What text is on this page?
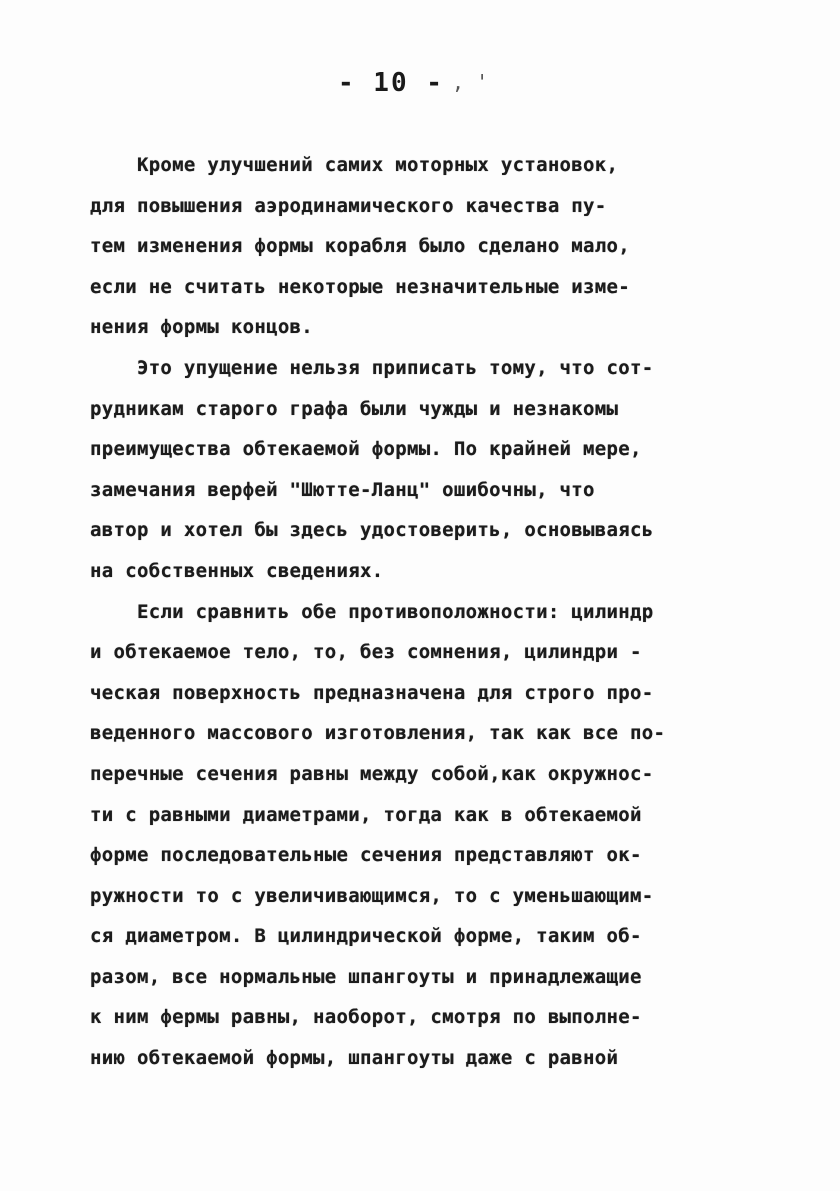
- 10 - , '
Кроме улучшений самих моторных установок,
для повышения аэродинамического качества пу-
тем изменения формы корабля было сделано мало,
если не считать некоторые незначительные изме-
нения формы концов.
Это упущение нельзя приписать тому, что сот-
рудникам старого графа были чужды и незнакомы
преимущества обтекаемой формы. По крайней мере,
замечания верфей "Шютте-Ланц" ошибочны, что
автор и хотел бы здесь удостоверить, основываясь
на собственных сведениях.
Если сравнить обе противоположности: цилиндр
и обтекаемое тело, то, без сомнения, цилиндри -
ческая поверхность предназначена для строго про-
веденного массового изготовления, так как все по-
перечные сечения равны между собой,как окружнос-
ти с равными диаметрами, тогда как в обтекаемой
форме последовательные сечения представляют ок-
ружности то с увеличивающимся, то с уменьшающим-
ся диаметром. В цилиндрической форме, таким об-
разом, все нормальные шпангоуты и принадлежащие
к ним фермы равны, наоборот, смотря по выполне-
нию обтекаемой формы, шпангоуты даже с равной
